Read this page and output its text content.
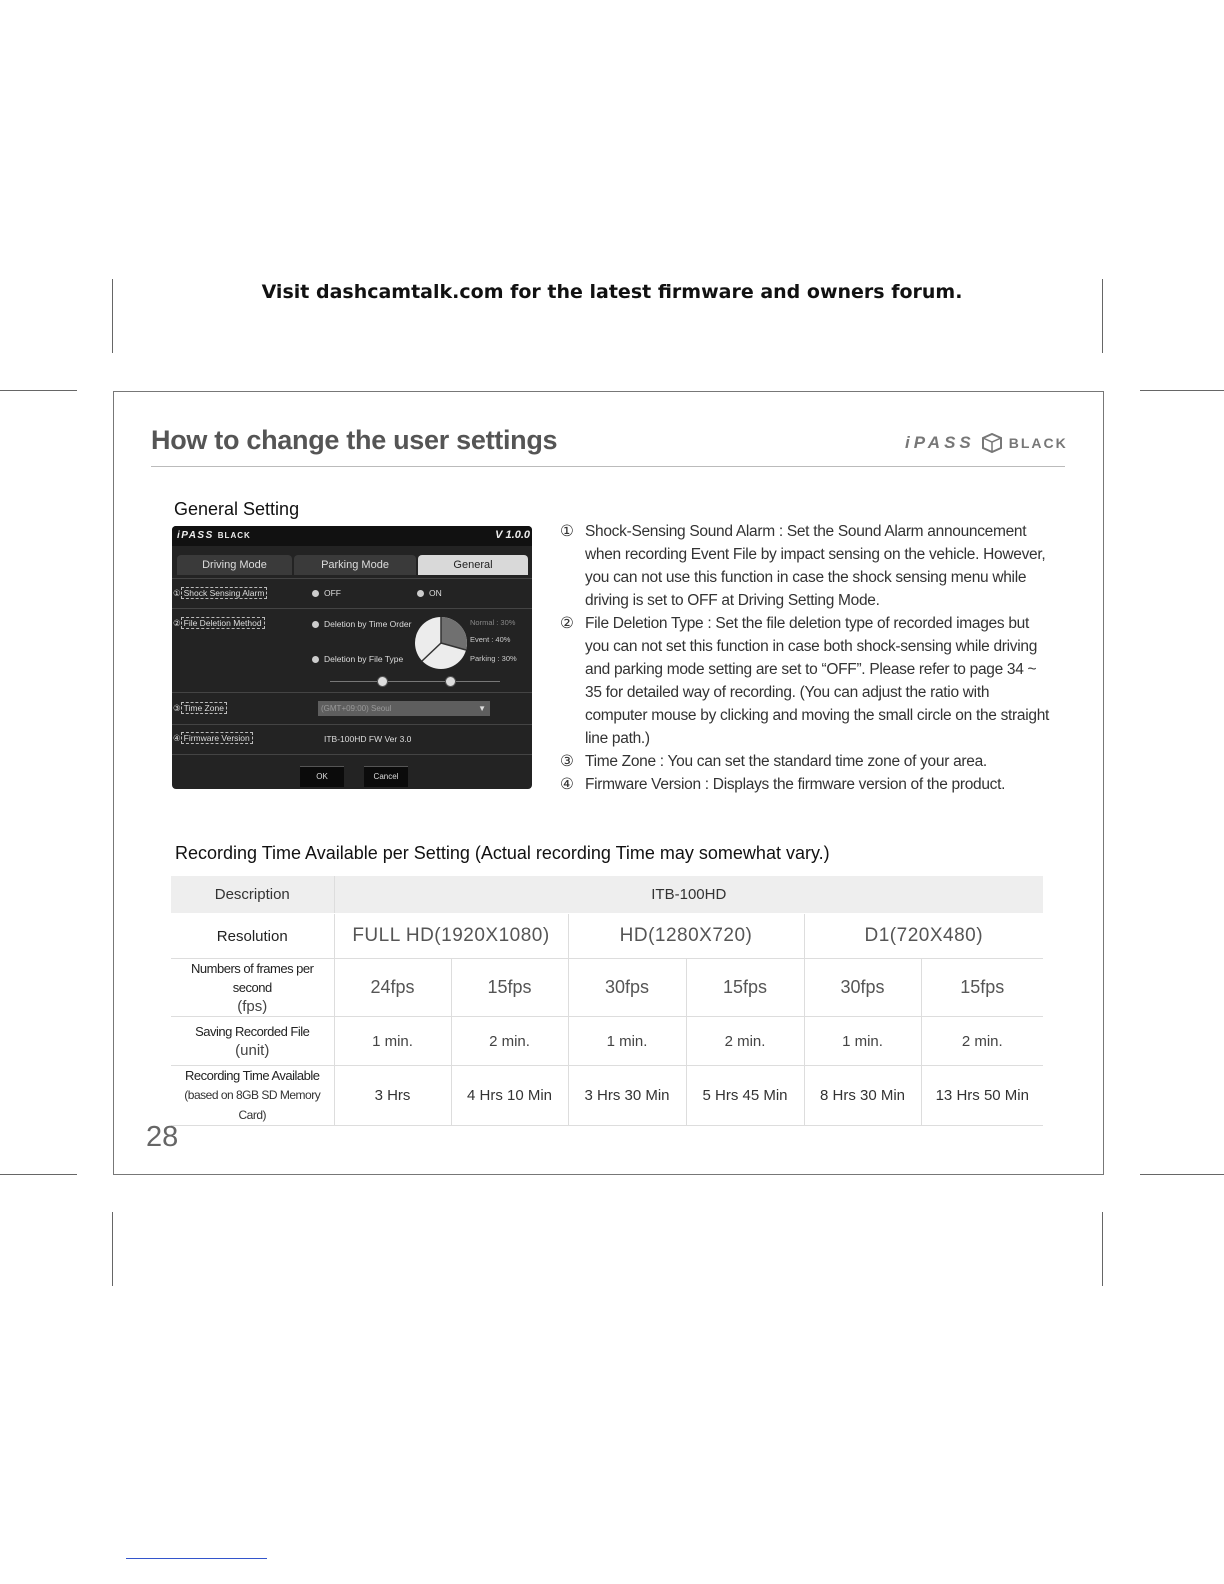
Visit dashcamtalk.com for the latest firmware and owners forum.
How to change the user settings	iPASS BLACK
General Setting
iPASS BLACK	V 1.0.0
Driving Mode	Parking Mode	General
① Shock Sensing Alarm	OFF	ON
② File Deletion Method	Deletion by Time Order
Deletion by File Type
Normal : 30%
Event : 40%
Parking : 30%
③ Time Zone	(GMT+09:00) Seoul	▼
④ Firmware Version	ITB-100HD FW Ver 3.0
OK	Cancel
① Shock-Sensing Sound Alarm : Set the Sound Alarm announcement when recording Event File by impact sensing on the vehicle. However, you can not use this function in case the shock sensing menu while driving is set to OFF at Driving Setting Mode.
② File Deletion Type : Set the file deletion type of recorded images but you can not set this function in case both shock-sensing while driving and parking mode setting are set to “OFF”. Please refer to page 34 ~ 35 for detailed way of recording. (You can adjust the ratio with computer mouse by clicking and moving the small circle on the straight line path.)
③ Time Zone : You can set the standard time zone of your area.
④ Firmware Version : Displays the firmware version of the product.
Recording Time Available per Setting (Actual recording Time may somewhat vary.)
Description	ITB-100HD					
Resolution	FULL HD(1920X1080)		HD(1280X720)		D1(720X480)	
Numbers of frames per second
(fps)	24fps	15fps	30fps	15fps	30fps	15fps
Saving Recorded File
(unit)	1 min.	2 min.	1 min.	2 min.	1 min.	2 min.
Recording Time Available
(based on 8GB SD Memory Card)	3 Hrs	4 Hrs 10 Min	3 Hrs 30 Min	5 Hrs 45 Min	8 Hrs 30 Min	13 Hrs 50 Min
28
